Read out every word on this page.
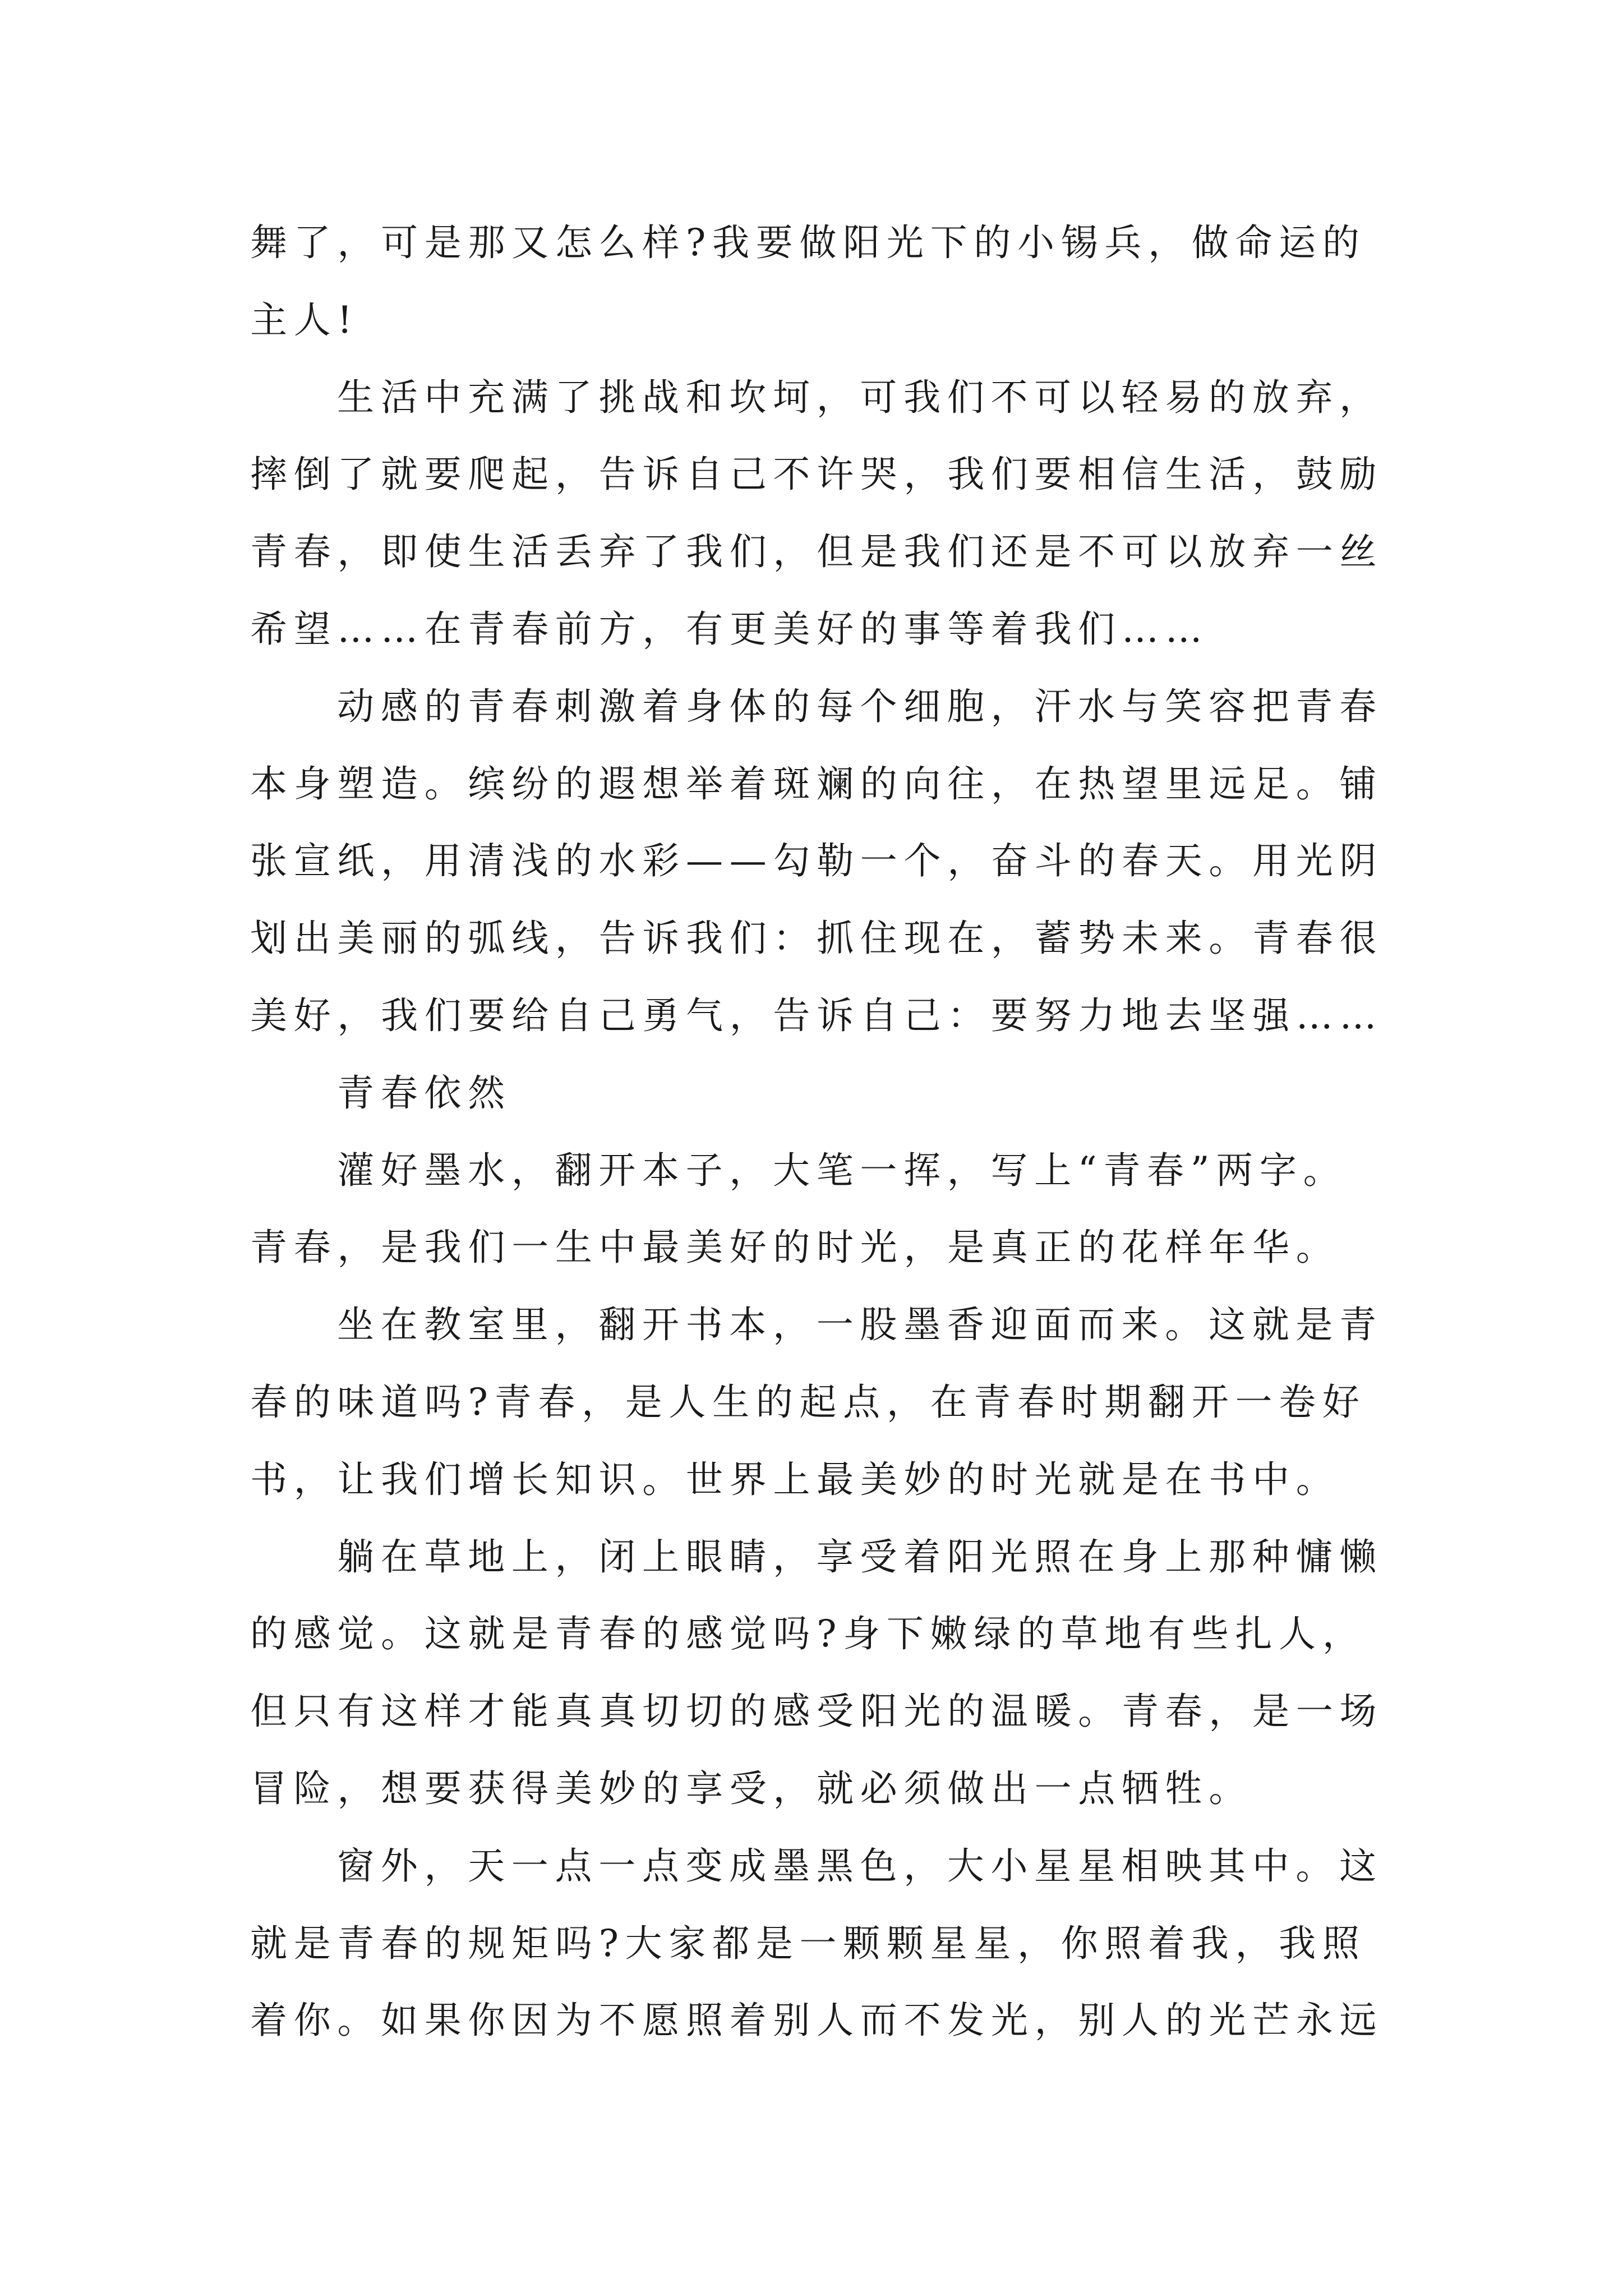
舞了，可是那又怎么样?我要做阳光下的小锡兵，做命运的
主人!
生活中充满了挑战和坎坷，可我们不可以轻易的放弃，
摔倒了就要爬起，告诉自己不许哭，我们要相信生活，鼓励
青春，即使生活丢弃了我们，但是我们还是不可以放弃一丝
希望……在青春前方，有更美好的事等着我们……
动感的青春刺激着身体的每个细胞，汗水与笑容把青春
本身塑造。缤纷的遐想举着斑斓的向往，在热望里远足。铺
张宣纸，用清浅的水彩——勾勒一个，奋斗的春天。用光阴
划出美丽的弧线，告诉我们：抓住现在，蓄势未来。青春很
美好，我们要给自己勇气，告诉自己：要努力地去坚强……
青春依然
灌好墨水，翻开本子，大笔一挥，写上“青春”两字。
青春，是我们一生中最美好的时光，是真正的花样年华。
坐在教室里，翻开书本，一股墨香迎面而来。这就是青
春的味道吗?青春，是人生的起点，在青春时期翻开一卷好
书，让我们增长知识。世界上最美妙的时光就是在书中。
躺在草地上，闭上眼睛，享受着阳光照在身上那种慵懒
的感觉。这就是青春的感觉吗?身下嫩绿的草地有些扎人，
但只有这样才能真真切切的感受阳光的温暖。青春，是一场
冒险，想要获得美妙的享受，就必须做出一点牺牲。
窗外，天一点一点变成墨黑色，大小星星相映其中。这
就是青春的规矩吗?大家都是一颗颗星星，你照着我，我照
着你。如果你因为不愿照着别人而不发光，别人的光芒永远
